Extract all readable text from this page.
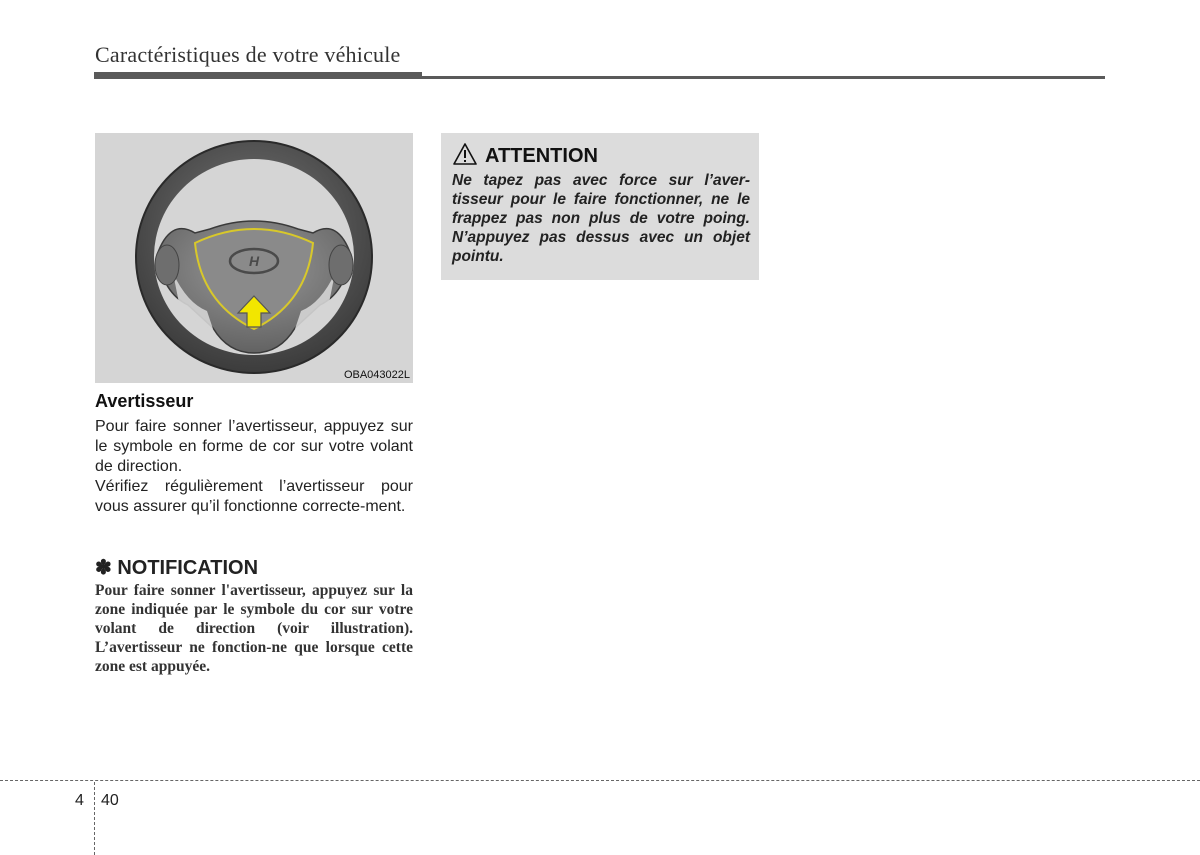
Caractéristiques de votre véhicule
H
OBA043022L
Avertisseur

Pour faire sonner l’avertisseur, appuyez sur le symbole en forme de cor sur votre volant de direction.

Vérifiez régulièrement l’avertisseur pour vous assurer qu’il fonctionne correcte-ment.

✽ NOTIFICATION

Pour faire sonner l'avertisseur, appuyez sur la zone indiquée par le symbole du cor sur votre volant de direction (voir illustration). L’avertisseur ne fonction-ne que lorsque cette zone est appuyée.

ATTENTION

Ne tapez pas avec force sur l’aver-tisseur pour le faire fonctionner, ne le frappez pas non plus de votre poing. N’appuyez pas dessus avec un objet pointu.

4 40
